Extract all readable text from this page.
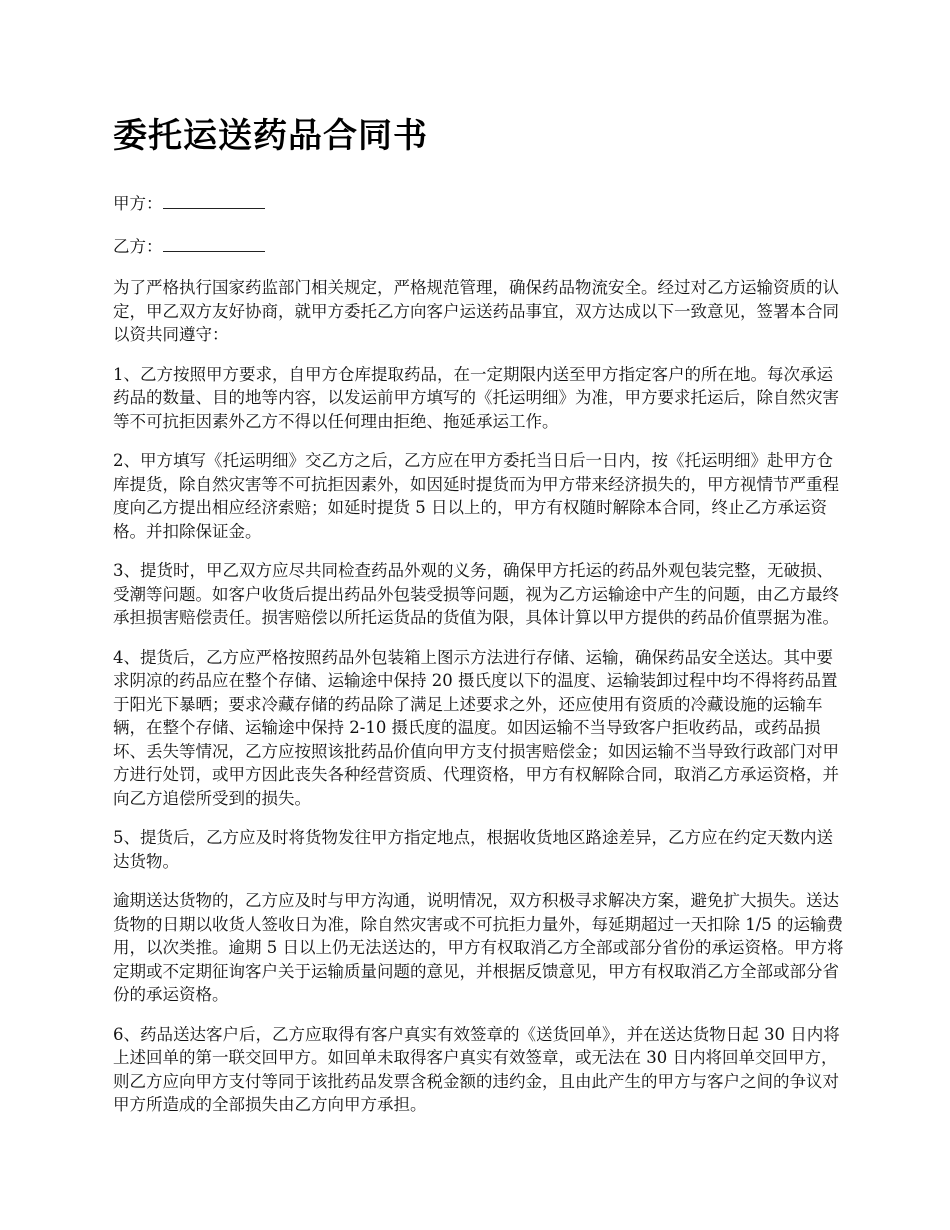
委托运送药品合同书

甲方：

乙方：

为了严格执行国家药监部门相关规定，严格规范管理，确保药品物流安全。经过对乙方运输资质的认定，甲乙双方友好协商，就甲方委托乙方向客户运送药品事宜，双方达成以下一致意见，签署本合同以资共同遵守：

1、乙方按照甲方要求，自甲方仓库提取药品，在一定期限内送至甲方指定客户的所在地。每次承运药品的数量、目的地等内容，以发运前甲方填写的《托运明细》为准，甲方要求托运后，除自然灾害等不可抗拒因素外乙方不得以任何理由拒绝、拖延承运工作。

2、甲方填写《托运明细》交乙方之后，乙方应在甲方委托当日后一日内，按《托运明细》赴甲方仓库提货，除自然灾害等不可抗拒因素外，如因延时提货而为甲方带来经济损失的，甲方视情节严重程度向乙方提出相应经济索赔；如延时提货 5 日以上的，甲方有权随时解除本合同，终止乙方承运资格。并扣除保证金。

3、提货时，甲乙双方应尽共同检查药品外观的义务，确保甲方托运的药品外观包装完整，无破损、受潮等问题。如客户收货后提出药品外包装受损等问题，视为乙方运输途中产生的问题，由乙方最终承担损害赔偿责任。损害赔偿以所托运货品的货值为限，具体计算以甲方提供的药品价值票据为准。

4、提货后，乙方应严格按照药品外包装箱上图示方法进行存储、运输，确保药品安全送达。其中要求阴凉的药品应在整个存储、运输途中保持 20 摄氏度以下的温度、运输装卸过程中均不得将药品置于阳光下暴晒；要求冷藏存储的药品除了满足上述要求之外，还应使用有资质的冷藏设施的运输车辆，在整个存储、运输途中保持 2-10 摄氏度的温度。如因运输不当导致客户拒收药品，或药品损坏、丢失等情况，乙方应按照该批药品价值向甲方支付损害赔偿金；如因运输不当导致行政部门对甲方进行处罚，或甲方因此丧失各种经营资质、代理资格，甲方有权解除合同，取消乙方承运资格，并向乙方追偿所受到的损失。

5、提货后，乙方应及时将货物发往甲方指定地点，根据收货地区路途差异，乙方应在约定天数内送达货物。

逾期送达货物的，乙方应及时与甲方沟通，说明情况，双方积极寻求解决方案，避免扩大损失。送达货物的日期以收货人签收日为准，除自然灾害或不可抗拒力量外，每延期超过一天扣除 1/5 的运输费用，以次类推。逾期 5 日以上仍无法送达的，甲方有权取消乙方全部或部分省份的承运资格。甲方将定期或不定期征询客户关于运输质量问题的意见，并根据反馈意见，甲方有权取消乙方全部或部分省份的承运资格。

6、药品送达客户后，乙方应取得有客户真实有效签章的《送货回单》，并在送达货物日起 30 日内将上述回单的第一联交回甲方。如回单未取得客户真实有效签章，或无法在 30 日内将回单交回甲方，则乙方应向甲方支付等同于该批药品发票含税金额的违约金，且由此产生的甲方与客户之间的争议对甲方所造成的全部损失由乙方向甲方承担。
